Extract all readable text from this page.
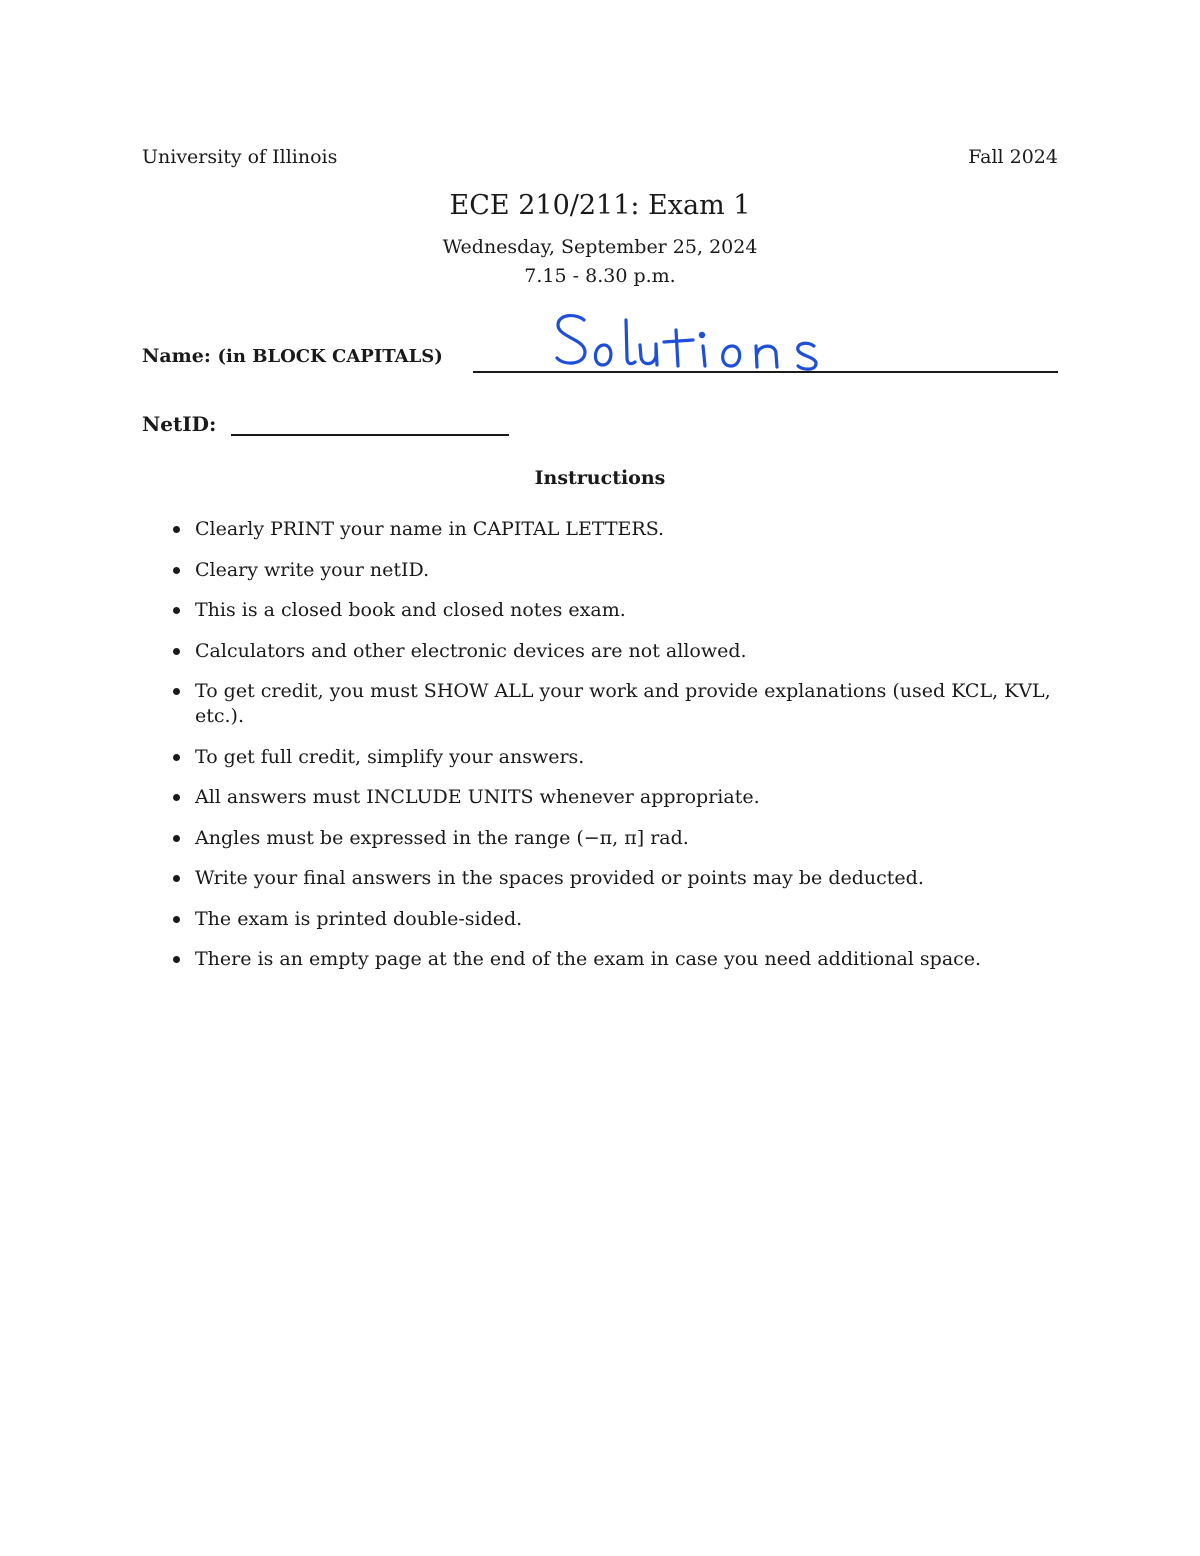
University of Illinois	Fall 2024
ECE 210/211: Exam 1
Wednesday, September 25, 2024
7.15 - 8.30 p.m.
Name: (in BLOCK CAPITALS)
NetID:
Instructions
Clearly PRINT your name in CAPITAL LETTERS.
Cleary write your netID.
This is a closed book and closed notes exam.
Calculators and other electronic devices are not allowed.
To get credit, you must SHOW ALL your work and provide explanations (used KCL, KVL, etc.).
To get full credit, simplify your answers.
All answers must INCLUDE UNITS whenever appropriate.
Angles must be expressed in the range (−π, π] rad.
Write your final answers in the spaces provided or points may be deducted.
The exam is printed double-sided.
There is an empty page at the end of the exam in case you need additional space.
